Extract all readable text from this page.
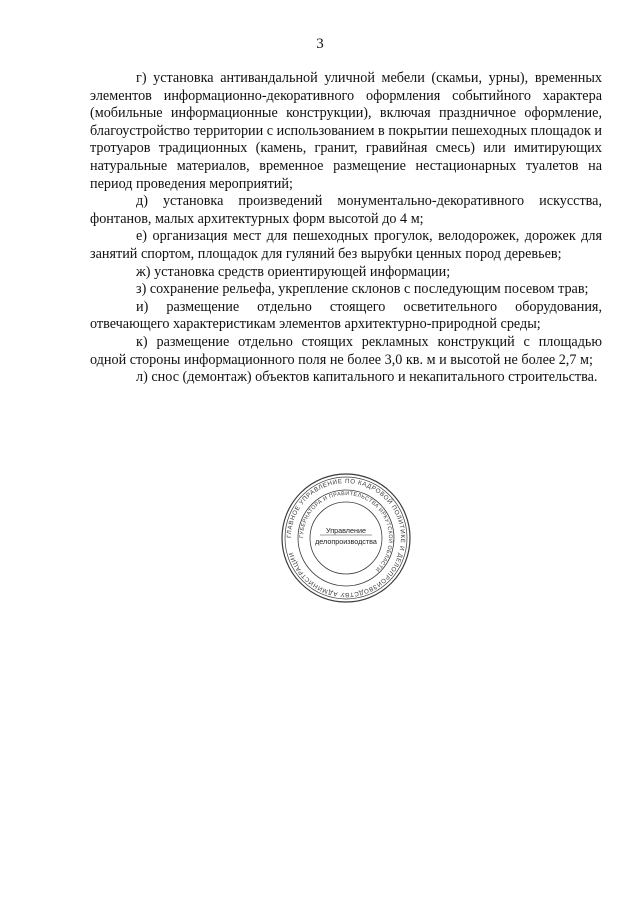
3

г) установка антивандальной уличной мебели (скамьи, урны), временных элементов информационно-декоративного оформления событийного характера (мобильные информационные конструкции), включая праздничное оформление, благоустройство территории с использованием в покрытии пешеходных площадок и тротуаров традиционных (камень, гранит, гравийная смесь) или имитирующих натуральные материалов, временное размещение нестационарных туалетов на период проведения мероприятий;

д) установка произведений монументально-декоративного искусства, фонтанов, малых архитектурных форм высотой до 4 м;

е) организация мест для пешеходных прогулок, велодорожек, дорожек для занятий спортом, площадок для гуляний без вырубки ценных пород деревьев;

ж) установка средств ориентирующей информации;

з) сохранение рельефа, укрепление склонов с последующим посевом трав;

и) размещение отдельно стоящего осветительного оборудования, отвечающего характеристикам элементов архитектурно-природной среды;

к) размещение отдельно стоящих рекламных конструкций с площадью одной стороны информационного поля не более 3,0 кв. м и высотой не более 2,7 м;

л) снос (демонтаж) объектов капитального и некапитального строительства.

ГЛАВНОЕ УПРАВЛЕНИЕ ПО КАДРОВОЙ ПОЛИТИКЕ И ДЕЛОПРОИЗВОДСТВУ АДМИНИСТРАЦИИ
ГУБЕРНАТОРА И ПРАВИТЕЛЬСТВА ИРКУТСКОЙ ОБЛАСТИ
Управление
делопроизводства
